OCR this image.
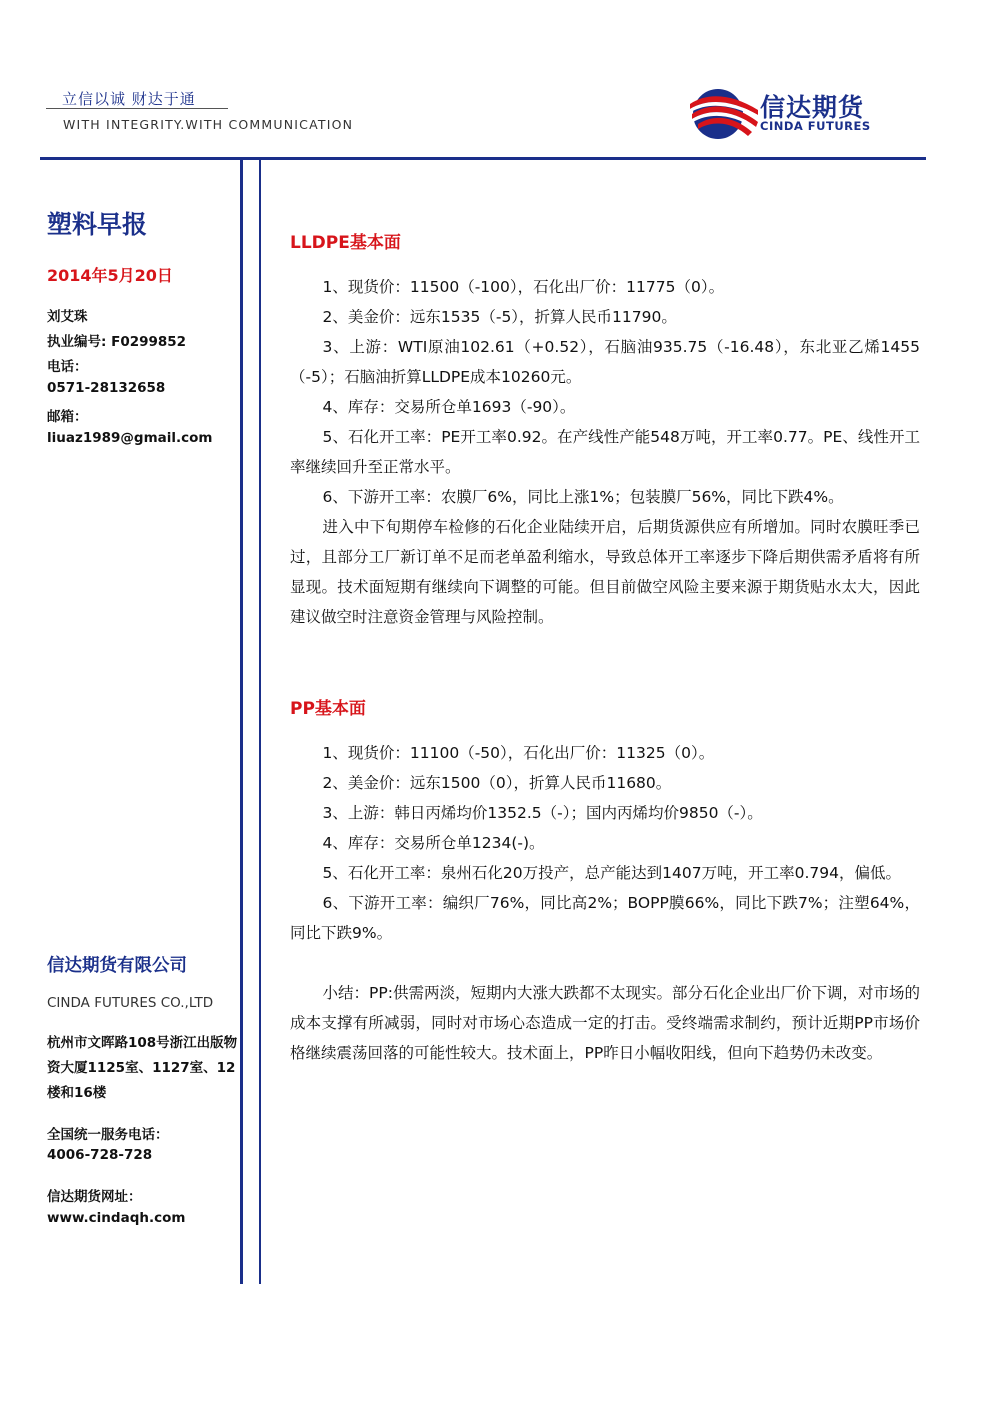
立信以诚 财达于通
WITH INTEGRITY.WITH COMMUNICATION
信达期货
CINDA FUTURES
塑料早报
2014年5月20日
刘艾珠
执业编号: F0299852
电话：
0571-28132658
邮箱：
liuaz1989@gmail.com
信达期货有限公司
CINDA FUTURES CO.,LTD
杭州市文晖路108号浙江出版物资大厦1125室、1127室、12楼和16楼
全国统一服务电话：
4006-728-728
信达期货网址：
www.cindaqh.com
LLDPE基本面

1、现货价：11500（-100），石化出厂价：11775（0）。

2、美金价：远东1535（-5），折算人民币11790。

3、上游：WTI原油102.61（+0.52），石脑油935.75（-16.48），东北亚乙烯1455（-5）；石脑油折算LLDPE成本10260元。

4、库存：交易所仓单1693（-90）。

5、石化开工率：PE开工率0.92。在产线性产能548万吨，开工率0.77。PE、线性开工率继续回升至正常水平。

6、下游开工率：农膜厂6%，同比上涨1%；包装膜厂56%，同比下跌4%。

进入中下旬期停车检修的石化企业陆续开启，后期货源供应有所增加。同时农膜旺季已过，且部分工厂新订单不足而老单盈利缩水，导致总体开工率逐步下降后期供需矛盾将有所显现。技术面短期有继续向下调整的可能。但目前做空风险主要来源于期货贴水太大，因此建议做空时注意资金管理与风险控制。

PP基本面

1、现货价：11100（-50），石化出厂价：11325（0）。

2、美金价：远东1500（0），折算人民币11680。

3、上游：韩日丙烯均价1352.5（-）；国内丙烯均价9850（-）。

4、库存：交易所仓单1234(-)。

5、石化开工率：泉州石化20万投产，总产能达到1407万吨，开工率0.794，偏低。

6、下游开工率：编织厂76%，同比高2%；BOPP膜66%，同比下跌7%；注塑64%，同比下跌9%。

小结：PP:供需两淡，短期内大涨大跌都不太现实。部分石化企业出厂价下调，对市场的成本支撑有所减弱，同时对市场心态造成一定的打击。受终端需求制约，预计近期PP市场价格继续震荡回落的可能性较大。技术面上，PP昨日小幅收阳线，但向下趋势仍未改变。
